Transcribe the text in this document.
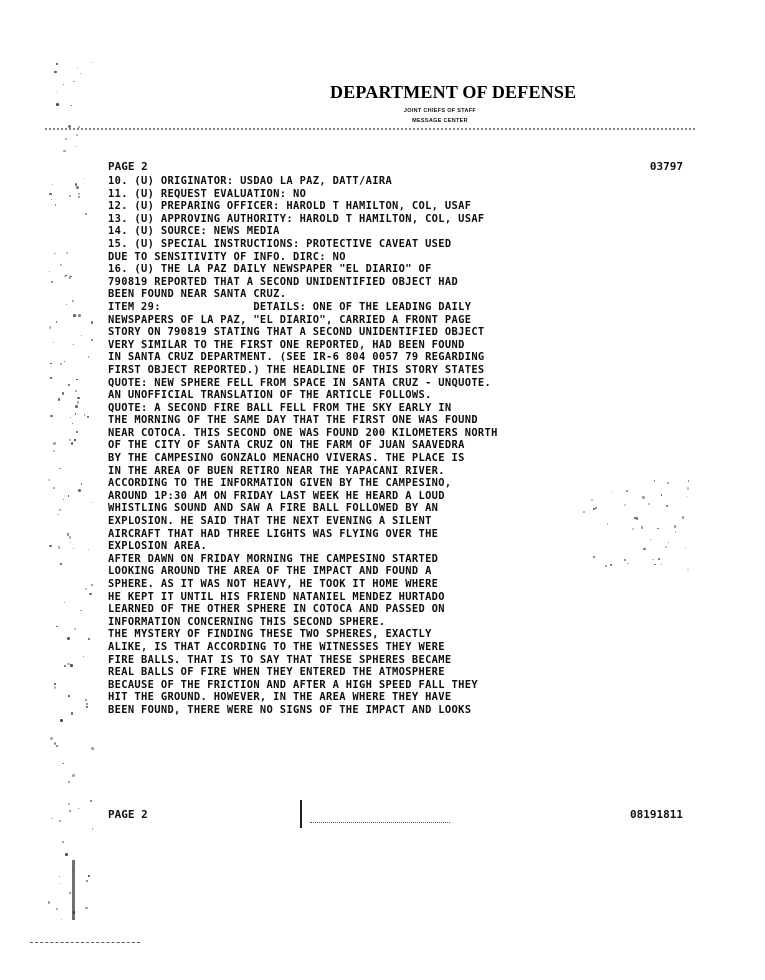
DEPARTMENT OF DEFENSE
JOINT CHIEFS OF STAFF
MESSAGE CENTER
PAGE 2	03797
10. (U) ORIGINATOR: USDAO LA PAZ, DATT/AIRA
11. (U) REQUEST EVALUATION: NO
12. (U) PREPARING OFFICER: HAROLD T HAMILTON, COL, USAF
13. (U) APPROVING AUTHORITY: HAROLD T HAMILTON, COL, USAF
14. (U) SOURCE: NEWS MEDIA
15. (U) SPECIAL INSTRUCTIONS: PROTECTIVE CAVEAT USED
DUE TO SENSITIVITY OF INFO. DIRC: NO
16. (U) THE LA PAZ DAILY NEWSPAPER "EL DIARIO" OF
790819 REPORTED THAT A SECOND UNIDENTIFIED OBJECT HAD
BEEN FOUND NEAR SANTA CRUZ.
ITEM 29:              DETAILS: ONE OF THE LEADING DAILY
NEWSPAPERS OF LA PAZ, "EL DIARIO", CARRIED A FRONT PAGE
STORY ON 790819 STATING THAT A SECOND UNIDENTIFIED OBJECT
VERY SIMILAR TO THE FIRST ONE REPORTED, HAD BEEN FOUND
IN SANTA CRUZ DEPARTMENT. (SEE IR-6 804 0057 79 REGARDING
FIRST OBJECT REPORTED.) THE HEADLINE OF THIS STORY STATES
QUOTE: NEW SPHERE FELL FROM SPACE IN SANTA CRUZ - UNQUOTE.
AN UNOFFICIAL TRANSLATION OF THE ARTICLE FOLLOWS.
QUOTE: A SECOND FIRE BALL FELL FROM THE SKY EARLY IN
THE MORNING OF THE SAME DAY THAT THE FIRST ONE WAS FOUND
NEAR COTOCA. THIS SECOND ONE WAS FOUND 200 KILOMETERS NORTH
OF THE CITY OF SANTA CRUZ ON THE FARM OF JUAN SAAVEDRA
BY THE CAMPESINO GONZALO MENACHO VIVERAS. THE PLACE IS
IN THE AREA OF BUEN RETIRO NEAR THE YAPACANI RIVER.
ACCORDING TO THE INFORMATION GIVEN BY THE CAMPESINO,
AROUND 1P:30 AM ON FRIDAY LAST WEEK HE HEARD A LOUD
WHISTLING SOUND AND SAW A FIRE BALL FOLLOWED BY AN
EXPLOSION. HE SAID THAT THE NEXT EVENING A SILENT
AIRCRAFT THAT HAD THREE LIGHTS WAS FLYING OVER THE
EXPLOSION AREA.
AFTER DAWN ON FRIDAY MORNING THE CAMPESINO STARTED
LOOKING AROUND THE AREA OF THE IMPACT AND FOUND A
SPHERE. AS IT WAS NOT HEAVY, HE TOOK IT HOME WHERE
HE KEPT IT UNTIL HIS FRIEND NATANIEL MENDEZ HURTADO
LEARNED OF THE OTHER SPHERE IN COTOCA AND PASSED ON
INFORMATION CONCERNING THIS SECOND SPHERE.
THE MYSTERY OF FINDING THESE TWO SPHERES, EXACTLY
ALIKE, IS THAT ACCORDING TO THE WITNESSES THEY WERE
FIRE BALLS. THAT IS TO SAY THAT THESE SPHERES BECAME
REAL BALLS OF FIRE WHEN THEY ENTERED THE ATMOSPHERE
BECAUSE OF THE FRICTION AND AFTER A HIGH SPEED FALL THEY
HIT THE GROUND. HOWEVER, IN THE AREA WHERE THEY HAVE
BEEN FOUND, THERE WERE NO SIGNS OF THE IMPACT AND LOOKS
PAGE 2	08191811
